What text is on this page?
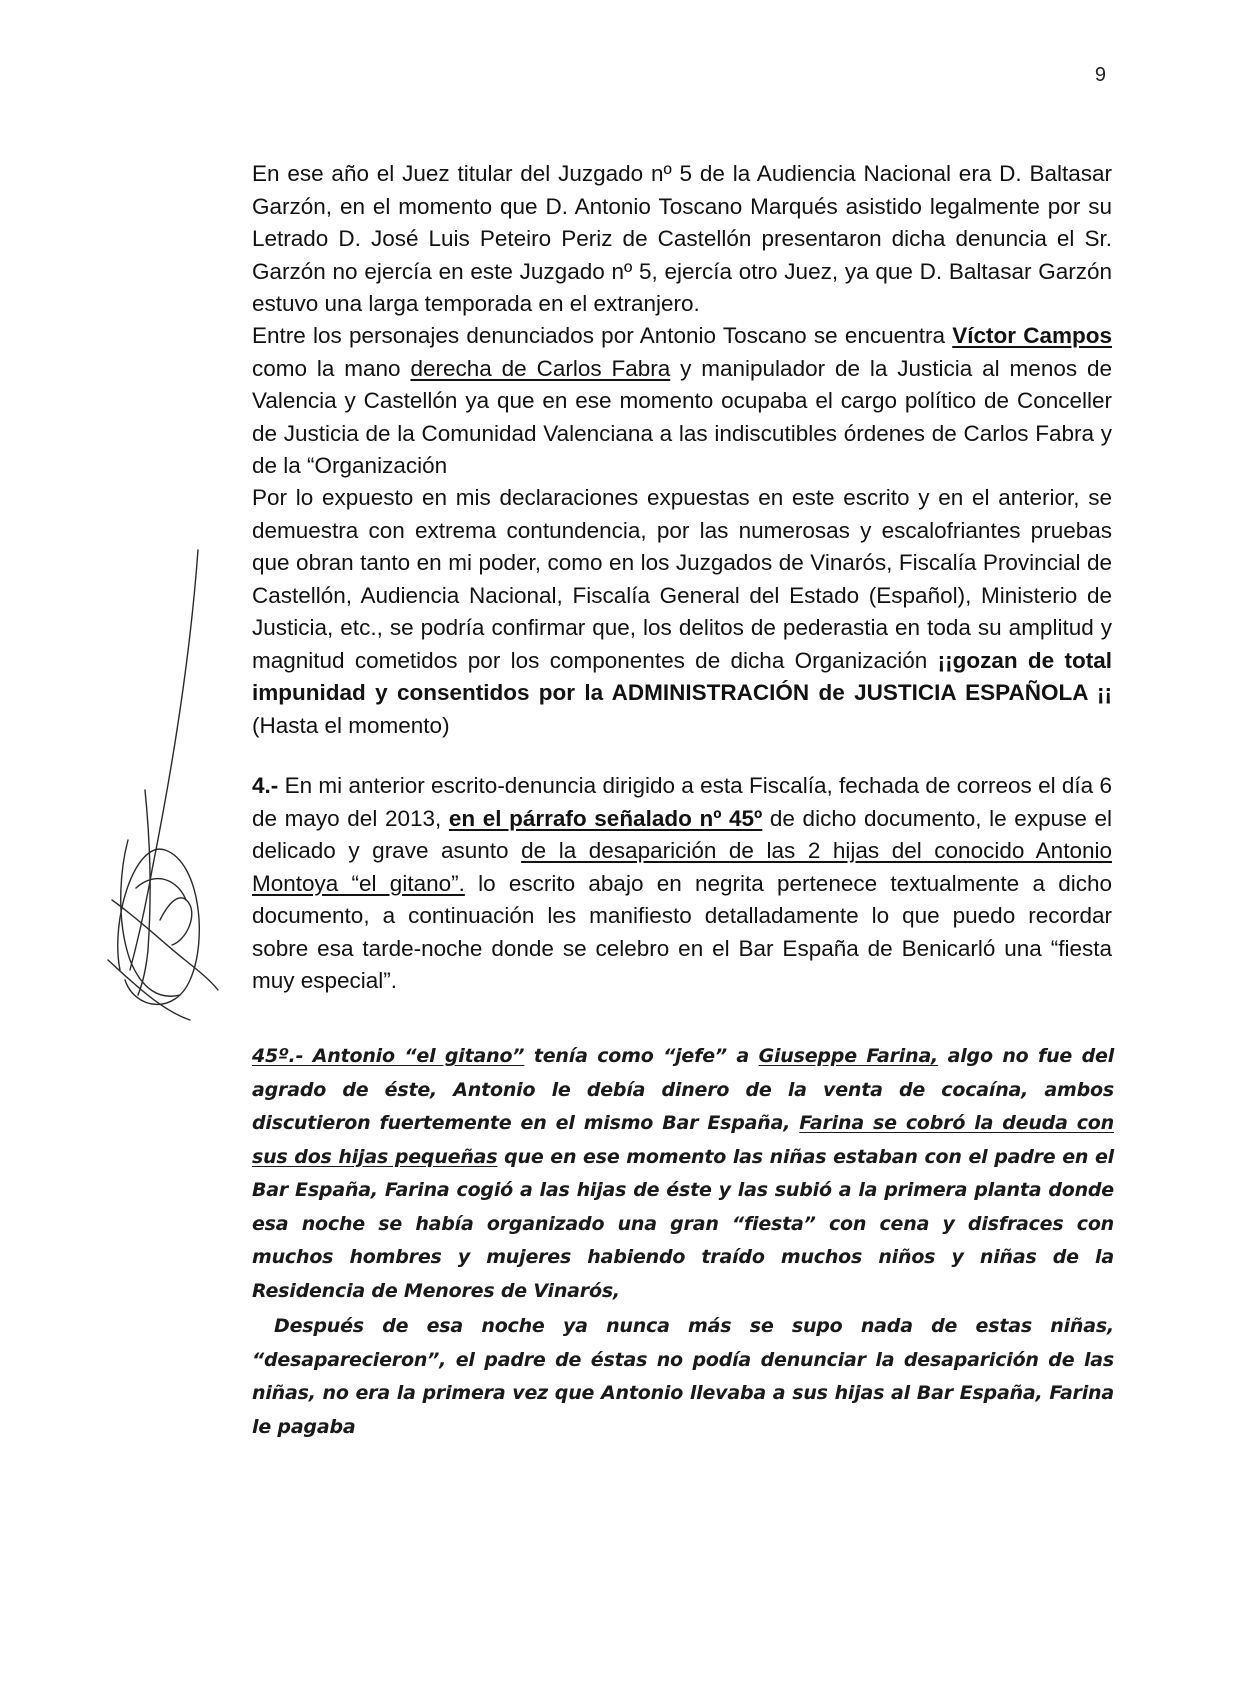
9

En ese año el Juez titular del Juzgado nº 5 de la Audiencia Nacional era D. Baltasar Garzón, en el momento que D. Antonio Toscano Marqués asistido legalmente por su Letrado D. José Luis Peteiro Periz de Castellón presentaron dicha denuncia el Sr. Garzón no ejercía en este Juzgado nº 5, ejercía otro Juez, ya que D. Baltasar Garzón estuvo una larga temporada en el extranjero.

Entre los personajes denunciados por Antonio Toscano se encuentra Víctor Campos como la mano derecha de Carlos Fabra y manipulador de la Justicia al menos de Valencia y Castellón ya que en ese momento ocupaba el cargo político de Conceller de Justicia de la Comunidad Valenciana a las indiscutibles órdenes de Carlos Fabra y de la “Organización

Por lo expuesto en mis declaraciones expuestas en este escrito y en el anterior, se demuestra con extrema contundencia, por las numerosas y escalofriantes pruebas que obran tanto en mi poder, como en los Juzgados de Vinarós, Fiscalía Provincial de Castellón, Audiencia Nacional, Fiscalía General del Estado (Español), Ministerio de Justicia, etc., se podría confirmar que, los delitos de pederastia en toda su amplitud y magnitud cometidos por los componentes de dicha Organización ¡¡gozan de total impunidad y consentidos por la ADMINISTRACIÓN de JUSTICIA ESPAÑOLA ¡¡ (Hasta el momento)

4.- En mi anterior escrito-denuncia dirigido a esta Fiscalía, fechada de correos el día 6 de mayo del 2013, en el párrafo señalado nº 45º de dicho documento, le expuse el delicado y grave asunto de la desaparición de las 2 hijas del conocido Antonio Montoya “el gitano”. lo escrito abajo en negrita pertenece textualmente a dicho documento, a continuación les manifiesto detalladamente lo que puedo recordar sobre esa tarde-noche donde se celebro en el Bar España de Benicarló una “fiesta muy especial”.

45º.- Antonio “el gitano” tenía como “jefe” a Giuseppe Farina, algo no fue del agrado de éste, Antonio le debía dinero de la venta de cocaína, ambos discutieron fuertemente en el mismo Bar España, Farina se cobró la deuda con sus dos hijas pequeñas que en ese momento las niñas estaban con el padre en el Bar España, Farina cogió a las hijas de éste y las subió a la primera planta donde esa noche se había organizado una gran “fiesta” con cena y disfraces con muchos hombres y mujeres habiendo traído muchos niños y niñas de la Residencia de Menores de Vinarós,

Después de esa noche ya nunca más se supo nada de estas niñas, “desaparecieron”, el padre de éstas no podía denunciar la desaparición de las niñas, no era la primera vez que Antonio llevaba a sus hijas al Bar España, Farina le pagaba
